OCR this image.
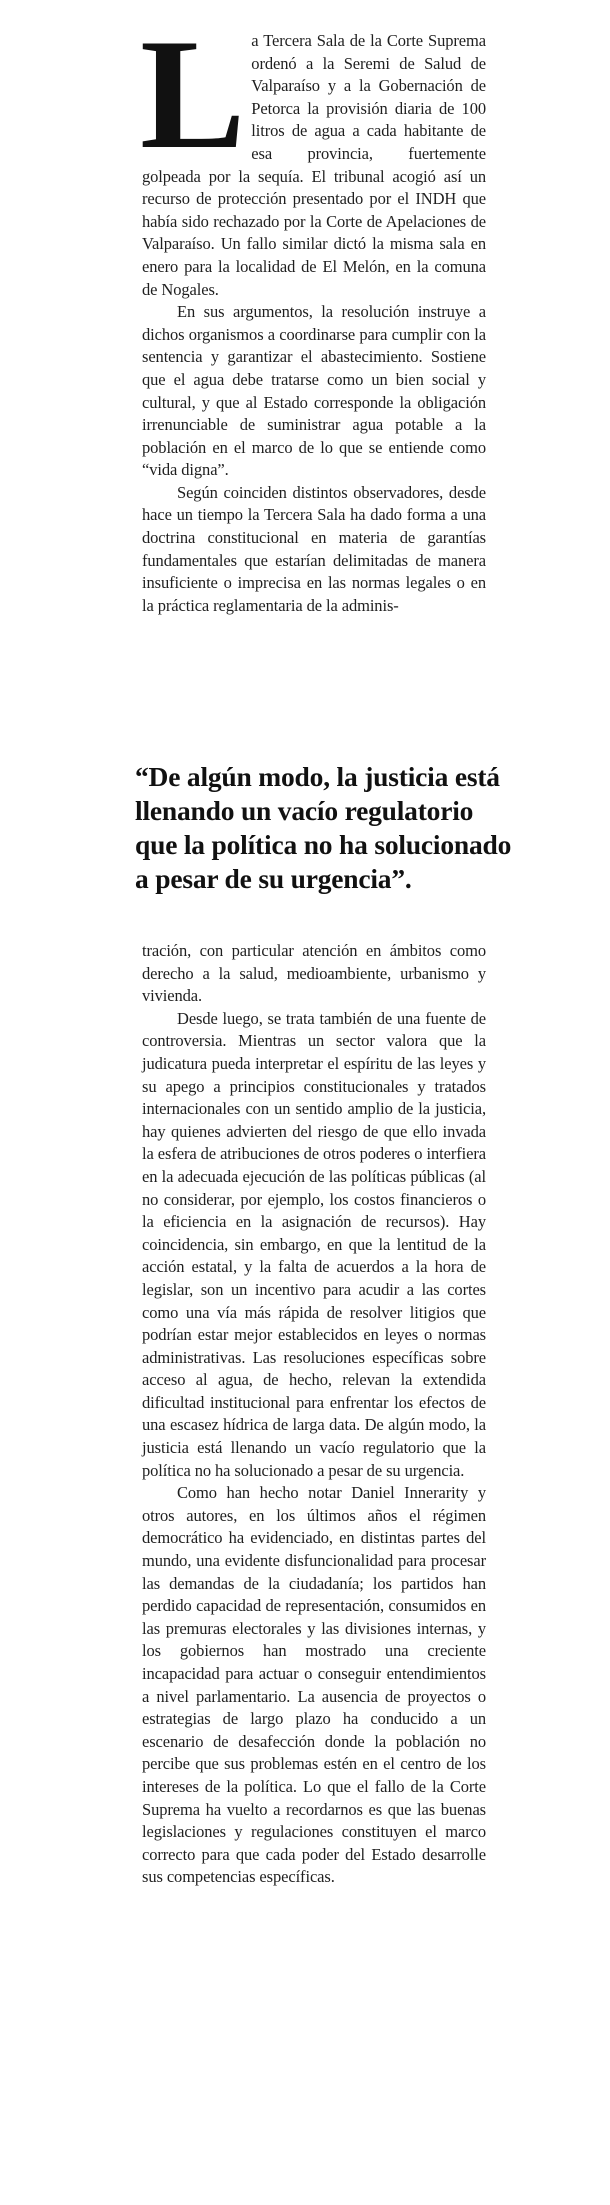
La Tercera Sala de la Corte Suprema ordenó a la Seremi de Salud de Valparaíso y a la Gobernación de Petorca la provisión diaria de 100 litros de agua a cada habitante de esa provincia, fuertemente golpeada por la sequía. El tribunal acogió así un recurso de protección presentado por el INDH que había sido rechazado por la Corte de Apelaciones de Valparaíso. Un fallo similar dictó la misma sala en enero para la localidad de El Melón, en la comuna de Nogales.

En sus argumentos, la resolución instruye a dichos organismos a coordinarse para cumplir con la sentencia y garantizar el abastecimiento. Sostiene que el agua debe tratarse como un bien social y cultural, y que al Estado corresponde la obligación irrenunciable de suministrar agua potable a la población en el marco de lo que se entiende como “vida digna”.

Según coinciden distintos observadores, desde hace un tiempo la Tercera Sala ha dado forma a una doctrina constitucional en materia de garantías fundamentales que estarían delimitadas de manera insuficiente o imprecisa en las normas legales o en la práctica reglamentaria de la adminis-

“De algún modo, la justicia está llenando un vacío regulatorio que la política no ha solucionado a pesar de su urgencia”.

tración, con particular atención en ámbitos como derecho a la salud, medioambiente, urbanismo y vivienda.

Desde luego, se trata también de una fuente de controversia. Mientras un sector valora que la judicatura pueda interpretar el espíritu de las leyes y su apego a principios constitucionales y tratados internacionales con un sentido amplio de la justicia, hay quienes advierten del riesgo de que ello invada la esfera de atribuciones de otros poderes o interfiera en la adecuada ejecución de las políticas públicas (al no considerar, por ejemplo, los costos financieros o la eficiencia en la asignación de recursos). Hay coincidencia, sin embargo, en que la lentitud de la acción estatal, y la falta de acuerdos a la hora de legislar, son un incentivo para acudir a las cortes como una vía más rápida de resolver litigios que podrían estar mejor establecidos en leyes o normas administrativas. Las resoluciones específicas sobre acceso al agua, de hecho, relevan la extendida dificultad institucional para enfrentar los efectos de una escasez hídrica de larga data. De algún modo, la justicia está llenando un vacío regulatorio que la política no ha solucionado a pesar de su urgencia.

Como han hecho notar Daniel Innerarity y otros autores, en los últimos años el régimen democrático ha evidenciado, en distintas partes del mundo, una evidente disfuncionalidad para procesar las demandas de la ciudadanía; los partidos han perdido capacidad de representación, consumidos en las premuras electorales y las divisiones internas, y los gobiernos han mostrado una creciente incapacidad para actuar o conseguir entendimientos a nivel parlamentario. La ausencia de proyectos o estrategias de largo plazo ha conducido a un escenario de desafección donde la población no percibe que sus problemas estén en el centro de los intereses de la política. Lo que el fallo de la Corte Suprema ha vuelto a recordarnos es que las buenas legislaciones y regulaciones constituyen el marco correcto para que cada poder del Estado desarrolle sus competencias específicas.
